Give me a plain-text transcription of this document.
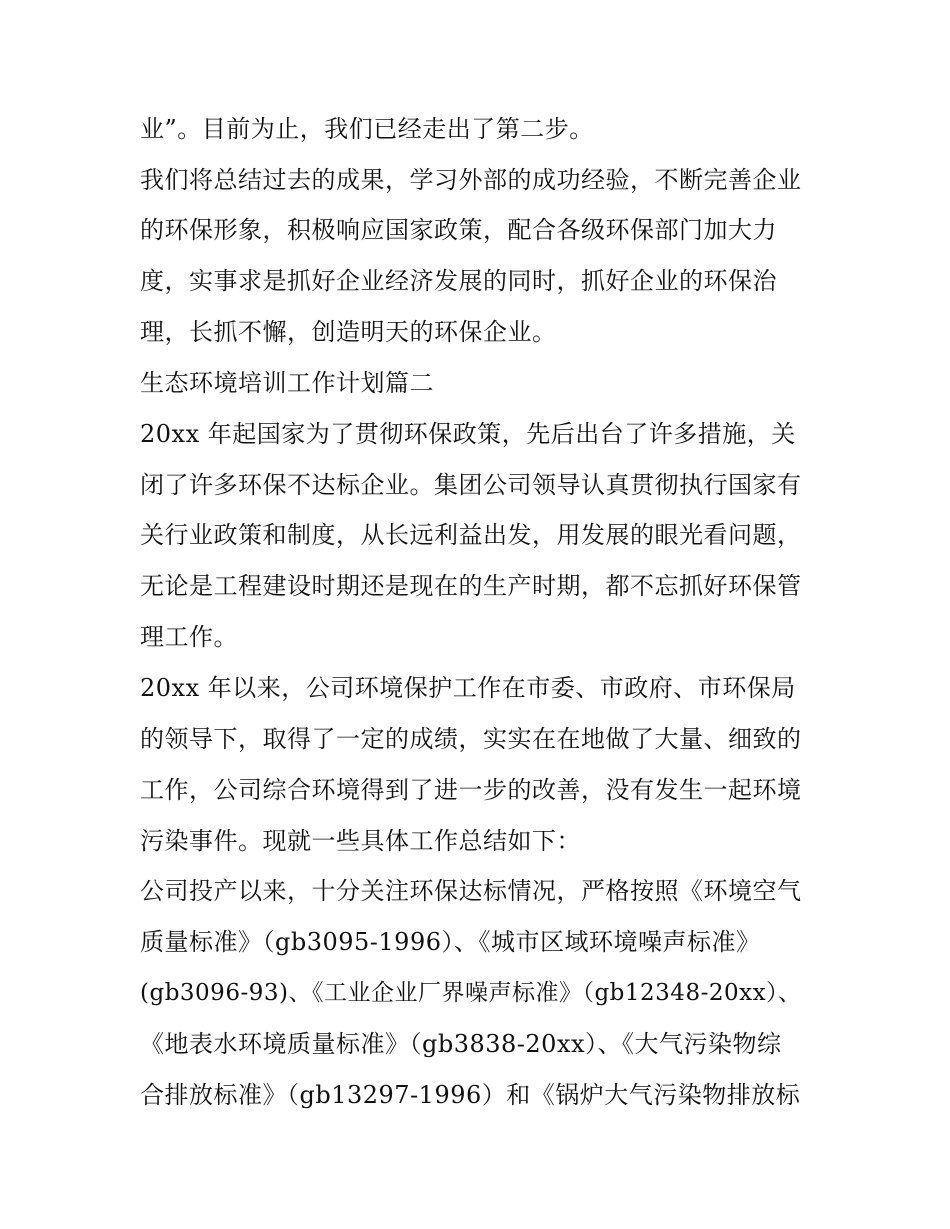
业”。目前为止，我们已经走出了第二步。
我们将总结过去的成果，学习外部的成功经验，不断完善企业
的环保形象，积极响应国家政策，配合各级环保部门加大力
度，实事求是抓好企业经济发展的同时，抓好企业的环保治
理，长抓不懈，创造明天的环保企业。
生态环境培训工作计划篇二
20xx 年起国家为了贯彻环保政策，先后出台了许多措施，关
闭了许多环保不达标企业。集团公司领导认真贯彻执行国家有
关行业政策和制度，从长远利益出发，用发展的眼光看问题，
无论是工程建设时期还是现在的生产时期，都不忘抓好环保管
理工作。
20xx 年以来，公司环境保护工作在市委、市政府、市环保局
的领导下，取得了一定的成绩，实实在在地做了大量、细致的
工作，公司综合环境得到了进一步的改善，没有发生一起环境
污染事件。现就一些具体工作总结如下：
公司投产以来，十分关注环保达标情况，严格按照《环境空气
质量标准》（gb3095-1996）、《城市区域环境噪声标准》
(gb3096-93)、《工业企业厂界噪声标准》（gb12348-20xx）、
《地表水环境质量标准》（gb3838-20xx）、《大气污染物综
合排放标准》（gb13297-1996）和《锅炉大气污染物排放标
